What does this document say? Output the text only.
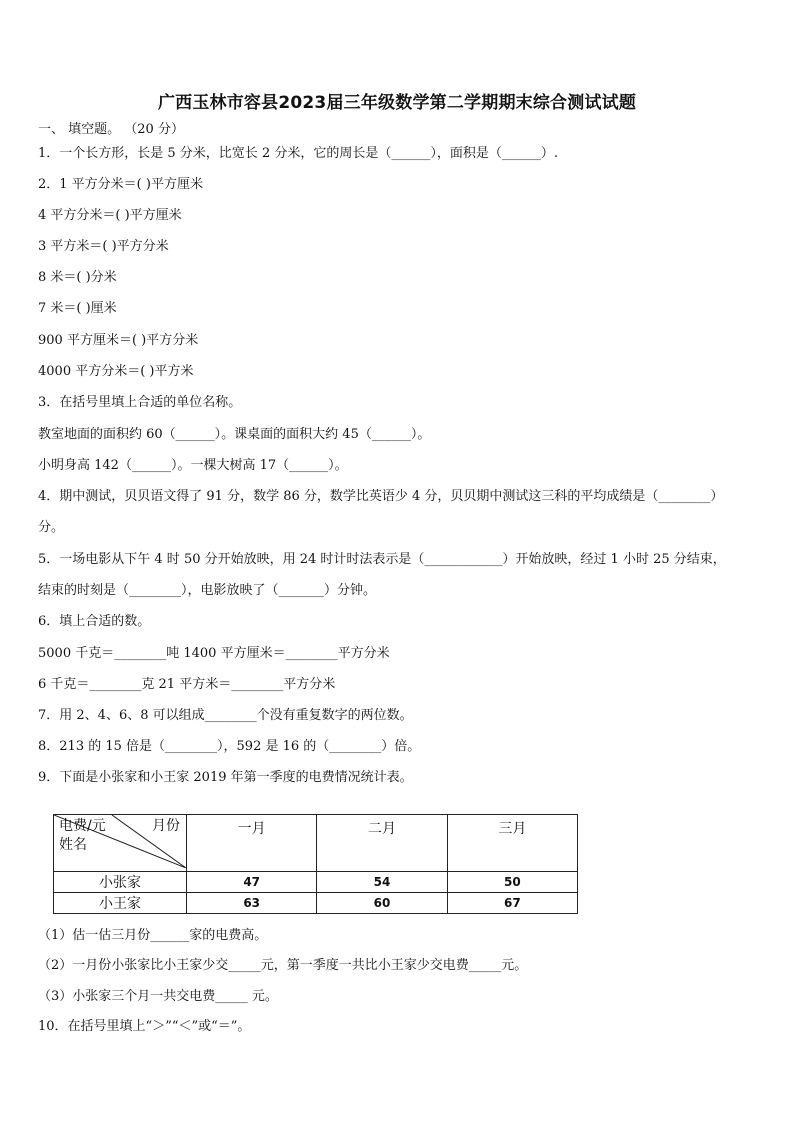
广西玉林市容县2023届三年级数学第二学期期末综合测试试题
一、 填空题。 （20 分）
1．一个长方形，长是 5 分米，比宽长 2 分米，它的周长是（______），面积是（______）.
2．1 平方分米＝( )平方厘米
4 平方分米＝( )平方厘米
3 平方米＝( )平方分米
8 米＝( )分米
7 米＝( )厘米
900 平方厘米＝( )平方分米
4000 平方分米＝( )平方米
3．在括号里填上合适的单位名称。
教室地面的面积约 60（______）。课桌面的面积大约 45（______）。
小明身高 142（______）。一棵大树高 17（______）。
4．期中测试，贝贝语文得了 91 分，数学 86 分，数学比英语少 4 分，贝贝期中测试这三科的平均成绩是（________）
分。
5．一场电影从下午 4 时 50 分开始放映，用 24 时计时法表示是（____________）开始放映，经过 1 小时 25 分结束，
结束的时刻是（________），电影放映了（_______）分钟。
6．填上合适的数。
5000 千克＝________吨 1400 平方厘米＝________平方分米
6 千克＝________克 21 平方米＝________平方分米
7．用 2、4、6、8 可以组成________个没有重复数字的两位数。
8．213 的 15 倍是（________），592 是 16 的（________）倍。
9．下面是小张家和小王家 2019 年第一季度的电费情况统计表。
电费/元 月份
姓名	一月	二月	三月
小张家	47	54	50
小王家	63	60	67
（1）估一估三月份______家的电费高。
（2）一月份小张家比小王家少交_____元，第一季度一共比小王家少交电费_____元。
（3）小张家三个月一共交电费_____ 元。
10．在括号里填上“＞”“＜”或“＝”。
